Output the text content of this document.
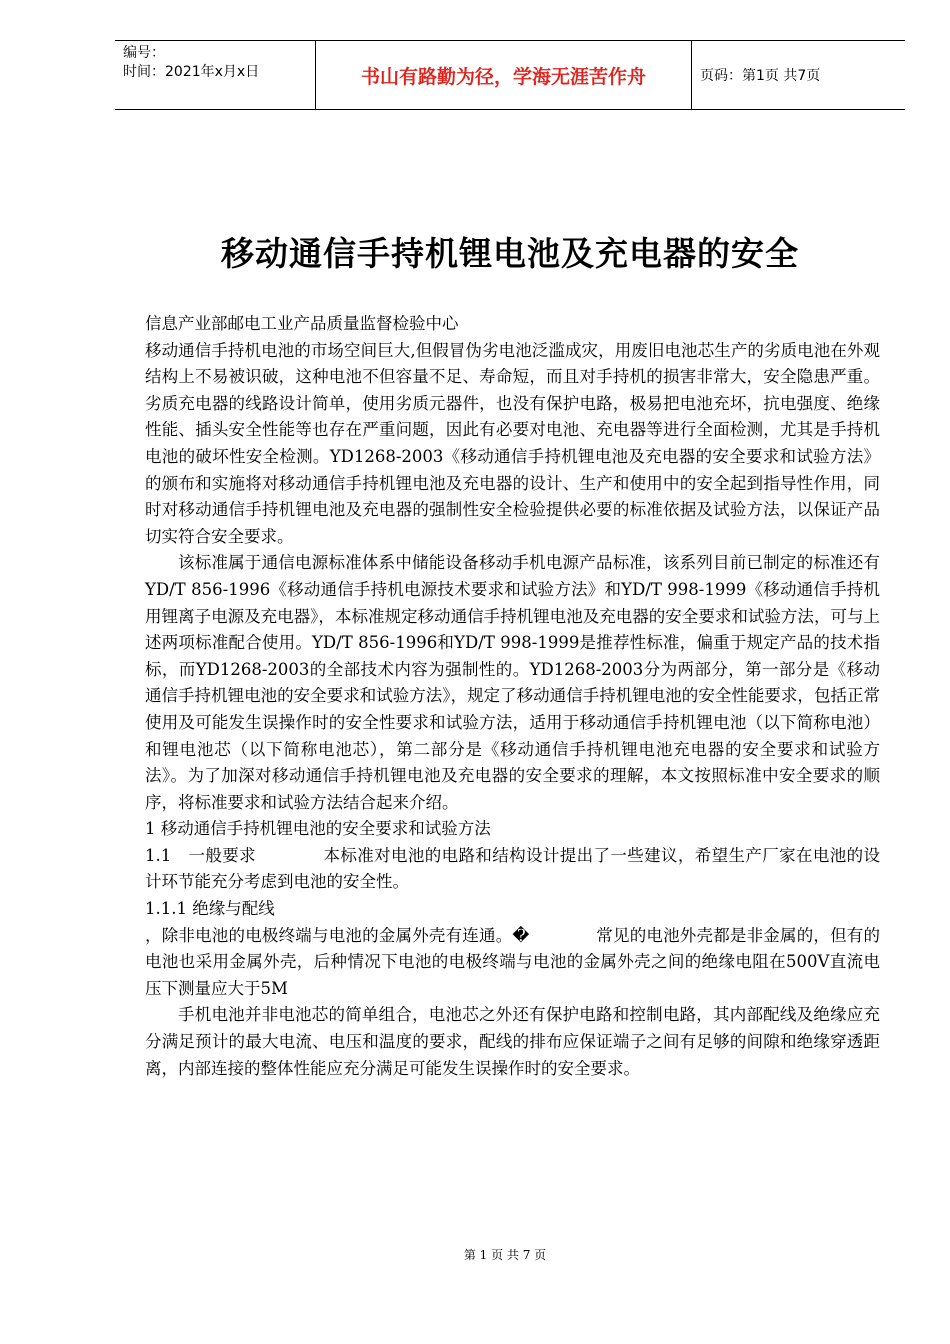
编号：
时间：2021年x月x日	书山有路勤为径，学海无涯苦作舟	页码：第1页 共7页
移动通信手持机锂电池及充电器的安全

信息产业部邮电工业产品质量监督检验中心

移动通信手持机电池的市场空间巨大,但假冒伪劣电池泛滥成灾，用废旧电池芯生产的劣质电池在外观结构上不易被识破，这种电池不但容量不足、寿命短，而且对手持机的损害非常大，安全隐患严重。劣质充电器的线路设计简单，使用劣质元器件，也没有保护电路，极易把电池充坏，抗电强度、绝缘性能、插头安全性能等也存在严重问题，因此有必要对电池、充电器等进行全面检测，尤其是手持机电池的破坏性安全检测。YD1268-2003《移动通信手持机锂电池及充电器的安全要求和试验方法》的颁布和实施将对移动通信手持机锂电池及充电器的设计、生产和使用中的安全起到指导性作用，同时对移动通信手持机锂电池及充电器的强制性安全检验提供必要的标准依据及试验方法，以保证产品切实符合安全要求。

该标准属于通信电源标准体系中储能设备移动手机电源产品标准，该系列目前已制定的标准还有YD/T 856-1996《移动通信手持机电源技术要求和试验方法》和YD/T 998-1999《移动通信手持机用锂离子电源及充电器》，本标准规定移动通信手持机锂电池及充电器的安全要求和试验方法，可与上述两项标准配合使用。YD/T 856-1996和YD/T 998-1999是推荐性标准，偏重于规定产品的技术指标，而YD1268-2003的全部技术内容为强制性的。YD1268-2003分为两部分，第一部分是《移动通信手持机锂电池的安全要求和试验方法》，规定了移动通信手持机锂电池的安全性能要求，包括正常使用及可能发生误操作时的安全性要求和试验方法，适用于移动通信手持机锂电池（以下简称电池）和锂电池芯（以下简称电池芯），第二部分是《移动通信手持机锂电池充电器的安全要求和试验方法》。为了加深对移动通信手持机锂电池及充电器的安全要求的理解，本文按照标准中安全要求的顺序，将标准要求和试验方法结合起来介绍。

1 移动通信手持机锂电池的安全要求和试验方法

1.1　一般要求　　　　本标准对电池的电路和结构设计提出了一些建议，希望生产厂家在电池的设计环节能充分考虑到电池的安全性。

1.1.1 绝缘与配线

，除非电池的电极终端与电池的金属外壳有连通。�　　　　常见的电池外壳都是非金属的，但有的电池也采用金属外壳，后种情况下电池的电极终端与电池的金属外壳之间的绝缘电阻在500V直流电压下测量应大于5M

手机电池并非电池芯的简单组合，电池芯之外还有保护电路和控制电路，其内部配线及绝缘应充分满足预计的最大电流、电压和温度的要求，配线的排布应保证端子之间有足够的间隙和绝缘穿透距离，内部连接的整体性能应充分满足可能发生误操作时的安全要求。

第 1 页 共 7 页
